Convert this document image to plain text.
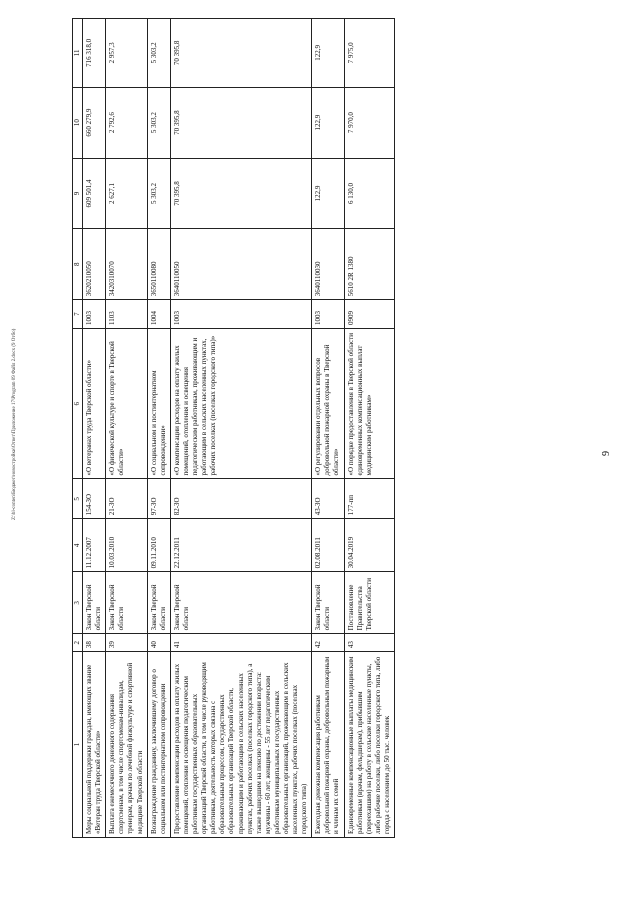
9
1	2	3	4	5	6	7	8	9	10	11
Меры социальной поддержки граждан, имеющих звание «Ветеран труда Тверской области»	38	Закон Тверской области	11.12.2007	154-ЗО	«О ветеранах труда Тверской области»	1003	3620210050	609 501,4	660 279,9	716 318,0
Выплата ежемесячного денежного содержания спортсменам, в том числе спортсменам-инвалидам, тренерам, врачам по лечебной физкультуре и спортивной медицине Тверской области	39	Закон Тверской области	10.03.2010	21-ЗО	«О физической культуре и спорте в Тверской области»	1103	3420310070	2 627,1	2 792,6	2 957,3
Вознаграждение гражданину, заключившему договор о социальном или постинтернатном сопровождении	40	Закон Тверской области	09.11.2010	97-ЗО	«О социальном и постинтернатном сопровождении»	1004	3650110080	5 303,2	5 303,2	5 303,2
Предоставление компенсации расходов на оплату жилых помещений, отопления и освещения педагогическим работникам государственных образовательных организаций Тверской области, в том числе руководящим работникам, деятельность которых связана с образовательным процессом, государственных образовательных организаций Тверской области, проживающим и работающим в сельских населенных пунктах, рабочих поселках (поселках городского типа), а также вышедшим на пенсию по достижении возраста: мужчины - 60 лет, женщины - 55 лет педагогическим работникам муниципальных и государственных образовательных организаций, проживающим в сельских населенных пунктах, рабочих поселках (поселках городского типа)	41	Закон Тверской области	22.12.2011	82-ЗО	«О компенсации расходов на оплату жилых помещений, отопления и освещения педагогическим работникам, проживающим и работающим в сельских населенных пунктах, рабочих поселках (поселках городского типа)»	1003	3640110050	70 395,8	70 395,8	70 395,8
Ежегодная денежная компенсация работникам добровольной пожарной охраны, добровольным пожарным и членам их семей	42	Закон Тверской области	02.08.2011	43-ЗО	«О регулировании отдельных вопросов добровольной пожарной охраны в Тверской области»	1003	3640110030	122,9	122,9	122,9
Единовременные компенсационные выплаты медицинским работникам (врачам, фельдшерам), прибывшим (переехавшим) на работу в сельские населенные пункты, либо рабочие поселки, либо поселки городского типа, либо города с населением до 50 тыс. человек	43	Постановление Правительства Тверской области	30.04.2019	177-пп	«О порядке предоставления в Тверской области единовременных компенсационных выплат медицинским работникам»	0909	5610 2R 1380	6 130,0	7 970,0	7 975,0
Z:\bl-conten\Бюджет\новостройки\Ответ\Приложение 17\Program 09 Файл 2.docx (9 Отбо)
